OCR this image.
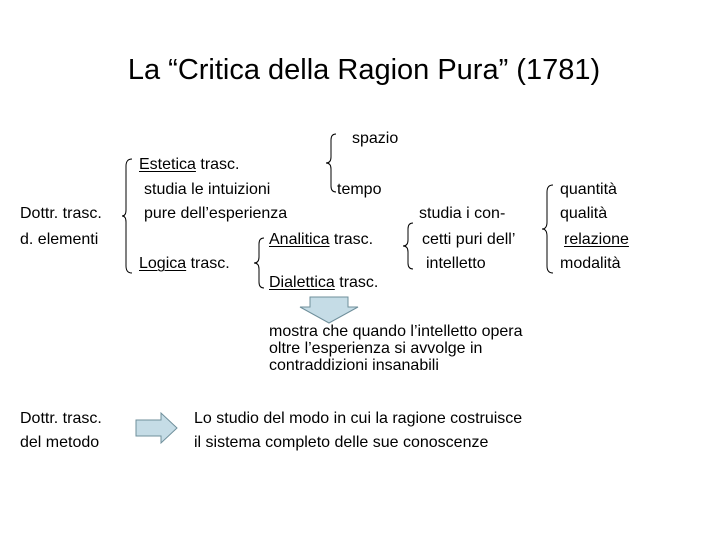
La “Critica della Ragion Pura” (1781)
Dottr. trasc.
d. elementi
Estetica trasc.
studia le intuizioni
pure dell’esperienza
spazio
tempo
Logica trasc.
Analitica trasc.
studia i con-
cetti puri dell’
intelletto
quantità
qualità
relazione
modalità
Dialettica trasc.
mostra che quando l’intelletto opera
oltre l’esperienza si avvolge in
contraddizioni insanabili
Dottr. trasc.
del metodo
Lo studio del modo in cui la ragione costruisce
il sistema completo delle sue conoscenze
